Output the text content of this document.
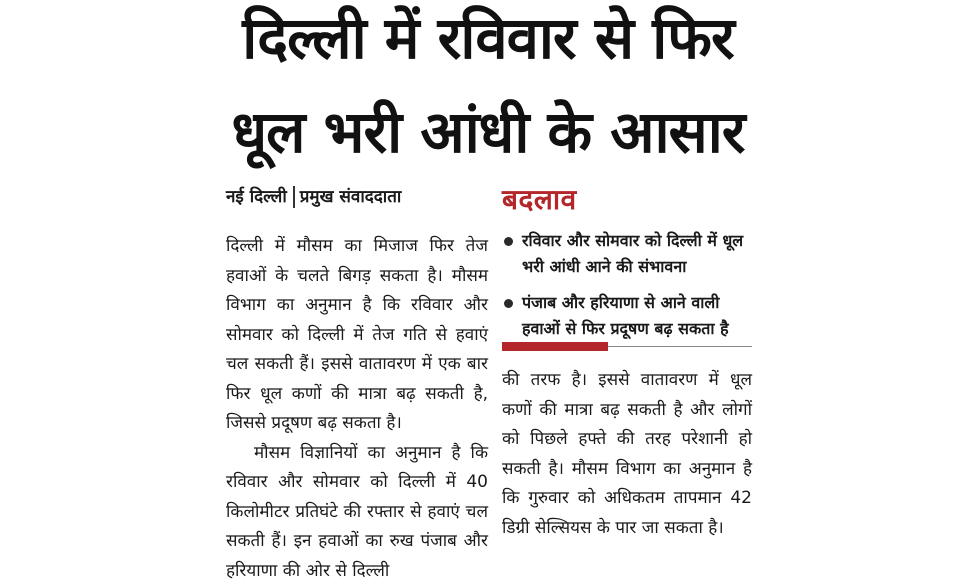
दिल्ली में रविवार से फिर
धूल भरी आंधी के आसार
नई दिल्ली प्रमुख संवाददाता

दिल्ली में मौसम का मिजाज फिर तेज हवाओं के चलते बिगड़ सकता है। मौसम विभाग का अनुमान है कि रविवार और सोमवार को दिल्ली में तेज गति से हवाएं चल सकती हैं। इससे वातावरण में एक बार फिर धूल कणों की मात्रा बढ़ सकती है, जिससे प्रदूषण बढ़ सकता है।

मौसम विज्ञानियों का अनुमान है कि रविवार और सोमवार को दिल्ली में 40 किलोमीटर प्रतिघंटे की रफ्तार से हवाएं चल सकती हैं। इन हवाओं का रुख पंजाब और हरियाणा की ओर से दिल्ली

बदलाव
रविवार और सोमवार को दिल्ली में धूल भरी आंधी आने की संभावना
पंजाब और हरियाणा से आने वाली हवाओं से फिर प्रदूषण बढ़ सकता है

की तरफ है। इससे वातावरण में धूल कणों की मात्रा बढ़ सकती है और लोगों को पिछले हफ्ते की तरह परेशानी हो सकती है। मौसम विभाग का अनुमान है कि गुरुवार को अधिकतम तापमान 42 डिग्री सेल्सियस के पार जा सकता है।
